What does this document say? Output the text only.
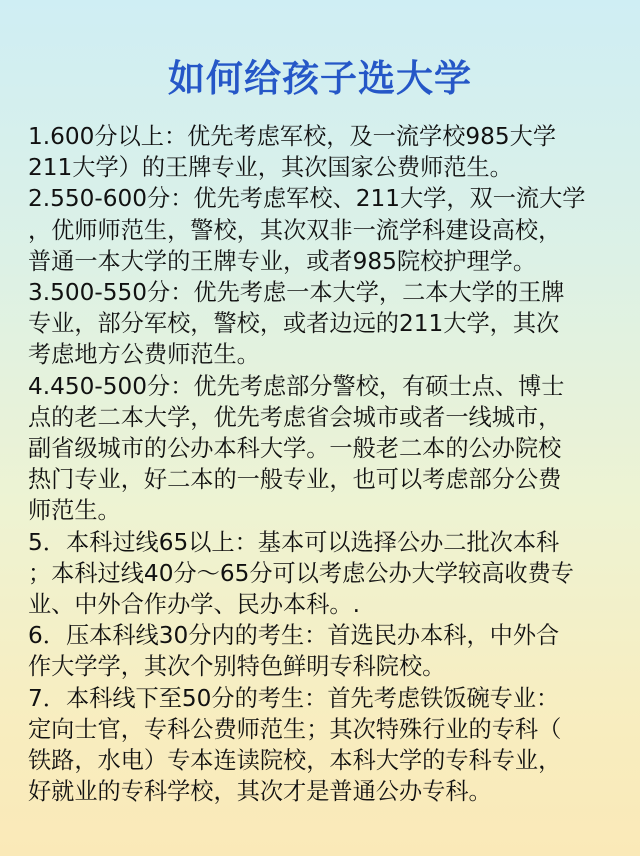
如何给孩子选大学

1.600分以上：优先考虑军校，及一流学校985大学
211大学）的王牌专业，其次国家公费师范生。

2.550-600分：优先考虑军校、211大学，双一流大学
，优师师范生，警校，其次双非一流学科建设高校，
普通一本大学的王牌专业，或者985院校护理学。

3.500-550分：优先考虑一本大学，二本大学的王牌
专业，部分军校，警校，或者边远的211大学，其次
考虑地方公费师范生。

4.450-500分：优先考虑部分警校，有硕士点、博士
点的老二本大学，优先考虑省会城市或者一线城市，
副省级城市的公办本科大学。一般老二本的公办院校
热门专业，好二本的一般专业，也可以考虑部分公费
师范生。

5．本科过线65以上：基本可以选择公办二批次本科
；本科过线40分～65分可以考虑公办大学较高收费专
业、中外合作办学、民办本科。.

6．压本科线30分内的考生：首选民办本科，中外合
作大学学，其次个别特色鲜明专科院校。

7．本科线下至50分的考生：首先考虑铁饭碗专业：
定向士官，专科公费师范生；其次特殊行业的专科（
铁路，水电）专本连读院校，本科大学的专科专业，
好就业的专科学校，其次才是普通公办专科。
